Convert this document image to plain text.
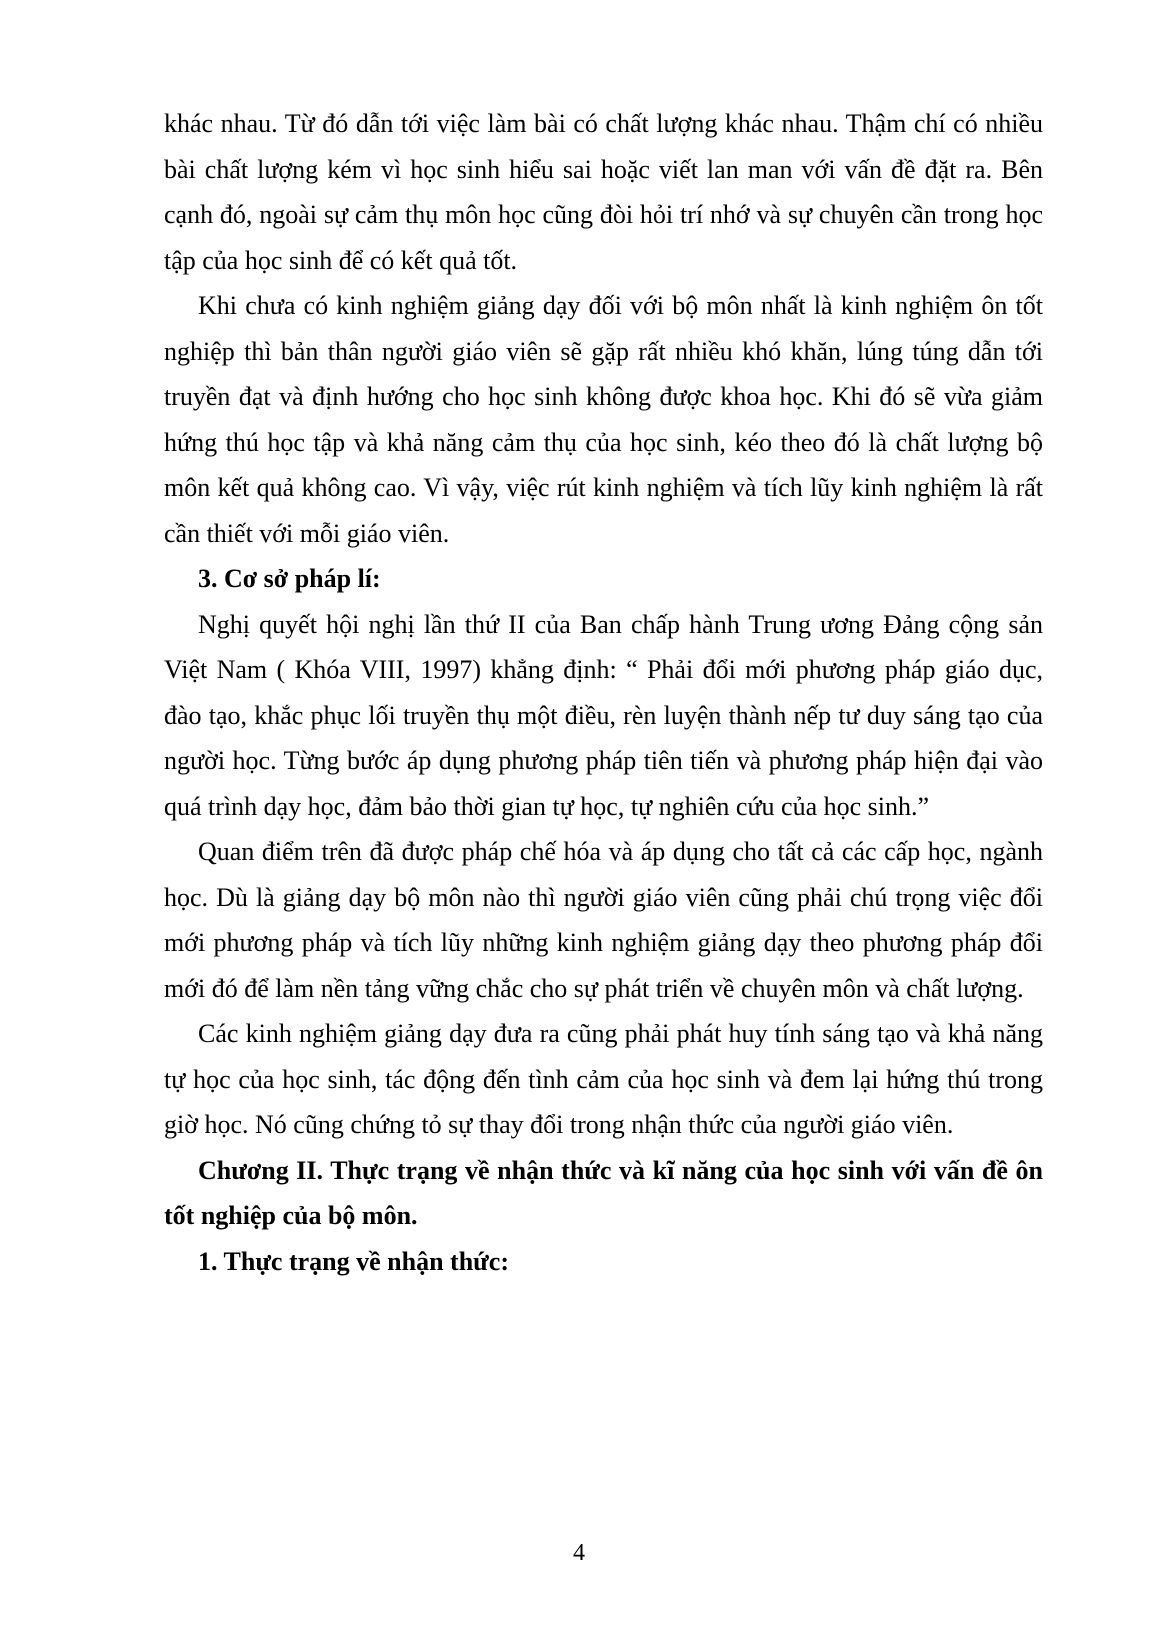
khác nhau. Từ đó dẫn tới việc làm bài có chất lượng khác nhau. Thậm chí có nhiều bài chất lượng kém vì học sinh hiểu sai hoặc viết lan man với vấn đề đặt ra. Bên cạnh đó, ngoài sự cảm thụ môn học cũng đòi hỏi trí nhớ và sự chuyên cần trong học tập của học sinh để có kết quả tốt.

Khi chưa có kinh nghiệm giảng dạy đối với bộ môn nhất là kinh nghiệm ôn tốt nghiệp thì bản thân người giáo viên sẽ gặp rất nhiều khó khăn, lúng túng dẫn tới truyền đạt và định hướng cho học sinh không được khoa học. Khi đó sẽ vừa giảm hứng thú học tập và khả năng cảm thụ của học sinh, kéo theo đó là chất lượng bộ môn kết quả không cao. Vì vậy, việc rút kinh nghiệm và tích lũy kinh nghiệm là rất cần thiết với mỗi giáo viên.

3. Cơ sở pháp lí:

Nghị quyết hội nghị lần thứ II của Ban chấp hành Trung ương Đảng cộng sản Việt Nam ( Khóa VIII, 1997) khẳng định: “ Phải đổi mới phương pháp giáo dục, đào tạo, khắc phục lối truyền thụ một điều, rèn luyện thành nếp tư duy sáng tạo của người học. Từng bước áp dụng phương pháp tiên tiến và phương pháp hiện đại vào quá trình dạy học, đảm bảo thời gian tự học, tự nghiên cứu của học sinh.”

Quan điểm trên đã được pháp chế hóa và áp dụng cho tất cả các cấp học, ngành học. Dù là giảng dạy bộ môn nào thì người giáo viên cũng phải chú trọng việc đổi mới phương pháp và tích lũy những kinh nghiệm giảng dạy theo phương pháp đổi mới đó để làm nền tảng vững chắc cho sự phát triển về chuyên môn và chất lượng.

Các kinh nghiệm giảng dạy đưa ra cũng phải phát huy tính sáng tạo và khả năng tự học của học sinh, tác động đến tình cảm của học sinh và đem lại hứng thú trong giờ học. Nó cũng chứng tỏ sự thay đổi trong nhận thức của người giáo viên.

Chương II. Thực trạng về nhận thức và kĩ năng của học sinh với vấn đề ôn tốt nghiệp của bộ môn.

1. Thực trạng về nhận thức:

4
